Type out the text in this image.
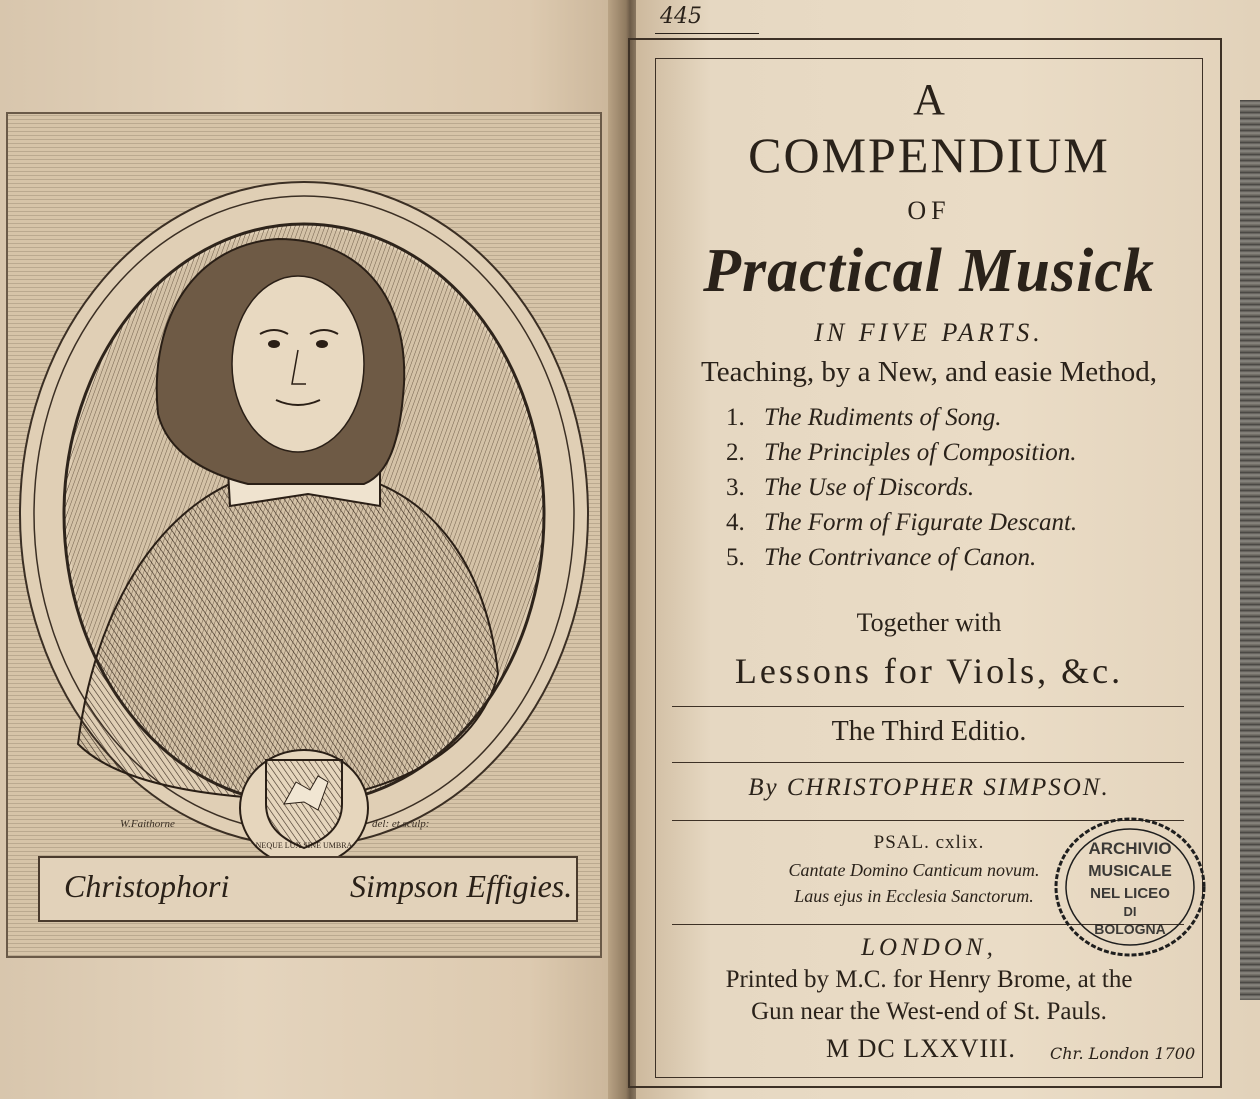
NEQUE LUX SINE UMBRA
W.Faithorne	del: et sculp:
Christophori	Simpson Effigies.
445
A
COMPENDIUM
OF
Practical Musick
IN FIVE PARTS.
Teaching, by a New, and easie Method,
1. The Rudiments of Song.
2. The Principles of Composition.
3. The Use of Discords.
4. The Form of Figurate Descant.
5. The Contrivance of Canon.
Together with
Lessons for Viols, &c.
The Third Editio.
By CHRISTOPHER SIMPSON.
PSAL. cxlix.
Cantate Domino Canticum novum.
Laus ejus in Ecclesia Sanctorum.
LONDON,
Printed by M.C. for Henry Brome, at the
Gun near the West-end of St. Pauls.
M DC LXXVIII. Chr. London 1700
ARCHIVIO
MUSICALE
NEL LICEO
DI
BOLOGNA
